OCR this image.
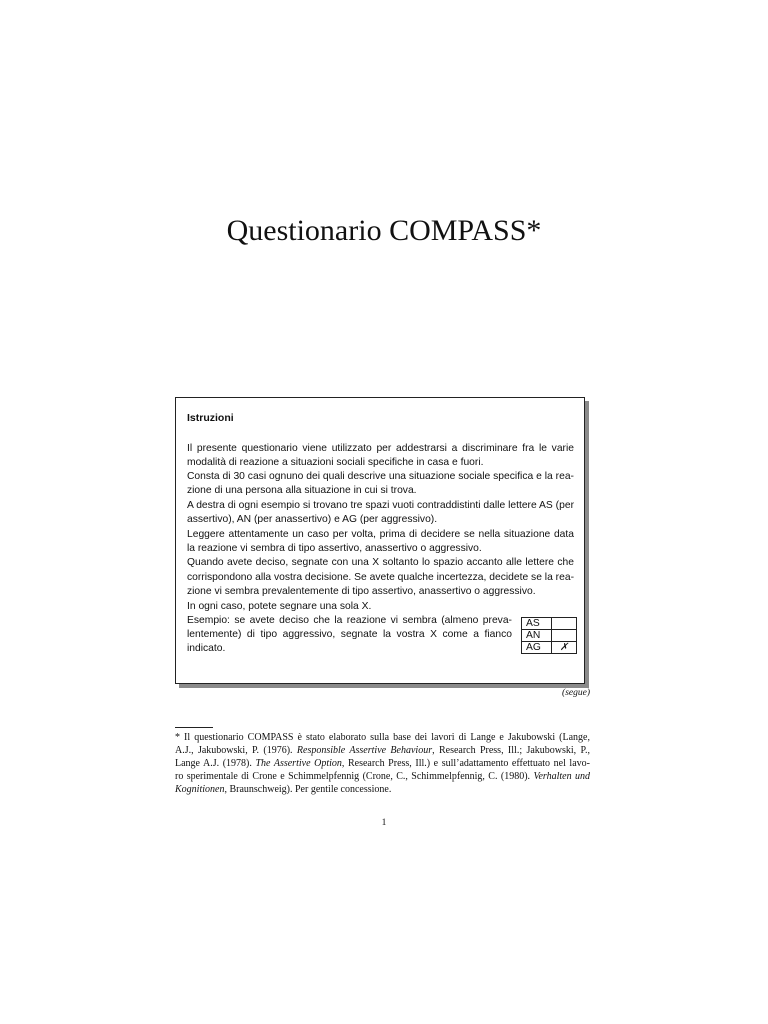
Questionario COMPASS*
Istruzioni
Il presente questionario viene utilizzato per addestrarsi a discriminare fra le varie
modalità di reazione a situazioni sociali specifiche in casa e fuori.
Consta di 30 casi ognuno dei quali descrive una situazione sociale specifica e la rea-
zione di una persona alla situazione in cui si trova.
A destra di ogni esempio si trovano tre spazi vuoti contraddistinti dalle lettere AS (per
assertivo), AN (per anassertivo) e AG (per aggressivo).
Leggere attentamente un caso per volta, prima di decidere se nella situazione data
la reazione vi sembra di tipo assertivo, anassertivo o aggressivo.
Quando avete deciso, segnate con una X soltanto lo spazio accanto alle lettere che
corrispondono alla vostra decisione. Se avete qualche incertezza, decidete se la rea-
zione vi sembra prevalentemente di tipo assertivo, anassertivo o aggressivo.
In ogni caso, potete segnare una sola X.
Esempio: se avete deciso che la reazione vi sembra (almeno preva-
lentemente) di tipo aggressivo, segnate la vostra X come a fianco
indicato.
AS	
AN	
AG	✗
(segue)
* Il questionario COMPASS è stato elaborato sulla base dei lavori di Lange e Jakubowski (Lange,
A.J., Jakubowski, P. (1976). Responsible Assertive Behaviour, Research Press, Ill.; Jakubowski, P.,
Lange A.J. (1978). The Assertive Option, Research Press, Ill.) e sull’adattamento effettuato nel lavo-
ro sperimentale di Crone e Schimmelpfennig (Crone, C., Schimmelpfennig, C. (1980). Verhalten und
Kognitionen, Braunschweig). Per gentile concessione.
1
